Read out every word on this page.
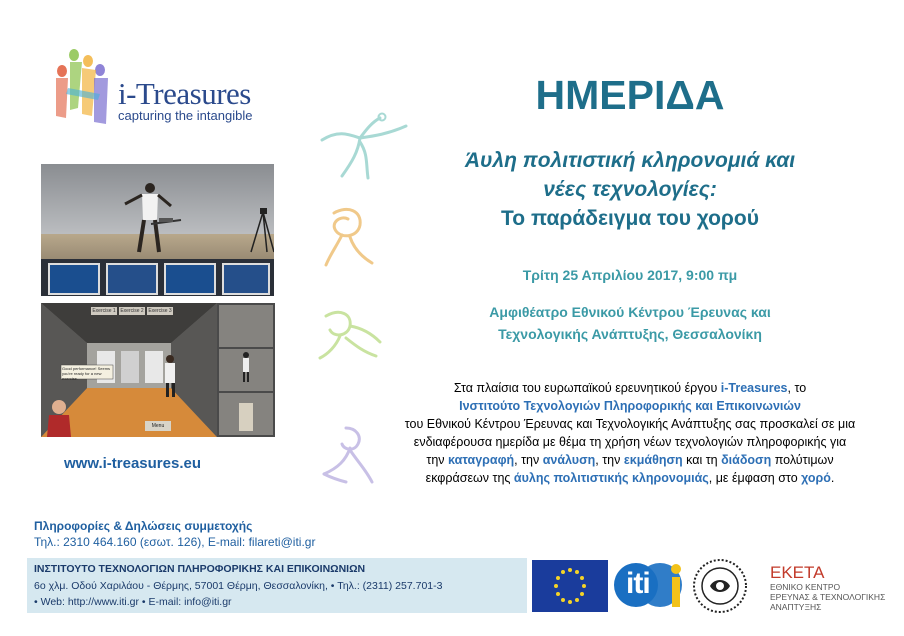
i-Treasures
capturing the intangible
Exercise 1 Exercise 2 Exercise 3
Good performance! Seems you're ready for a new exercise.
Menu
ΗΜΕΡΙΔΑ
Άυλη πολιτιστική κληρονομιά και
νέες τεχνολογίες:
Το παράδειγμα του χορού
Τρίτη 25 Απριλίου 2017, 9:00 πμ
Αμφιθέατρο Εθνικού Κέντρου Έρευνας και
Τεχνολογικής Ανάπτυξης, Θεσσαλονίκη
Στα πλαίσια του ευρωπαϊκού ερευνητικού έργου i-Treasures, το
Ινστιτούτο Τεχνολογιών Πληροφορικής και Επικοινωνιών
του Εθνικού Κέντρου Έρευνας και Τεχνολογικής Ανάπτυξης σας προσκαλεί σε μια ενδιαφέρουσα ημερίδα με θέμα τη χρήση νέων τεχνολογιών πληροφορικής για την καταγραφή, την ανάλυση, την εκμάθηση και τη διάδοση πολύτιμων εκφράσεων της άυλης πολιτιστικής κληρονομιάς, με έμφαση στο χορό.
www.i-treasures.eu
Πληροφορίες & Δηλώσεις συμμετοχής
Τηλ.: 2310 464.160 (εσωτ. 126), E-mail: filareti@iti.gr
ΙΝΣΤΙΤΟΥΤΟ ΤΕΧΝΟΛΟΓΙΩΝ ΠΛΗΡΟΦΟΡΙΚΗΣ ΚΑΙ ΕΠΙΚΟΙΝΩΝΙΩΝ
6ο χλμ. Οδού Χαριλάου - Θέρμης, 57001 Θέρμη, Θεσσαλονίκη, • Τηλ.: (2311) 257.701-3
• Web: http://www.iti.gr • E-mail: info@iti.gr
iti	ΕΚΕΤΑ
ΕΘΝΙΚΟ ΚΕΝΤΡΟ
ΕΡΕΥΝΑΣ & ΤΕΧΝΟΛΟΓΙΚΗΣ
ΑΝΑΠΤΥΞΗΣ
